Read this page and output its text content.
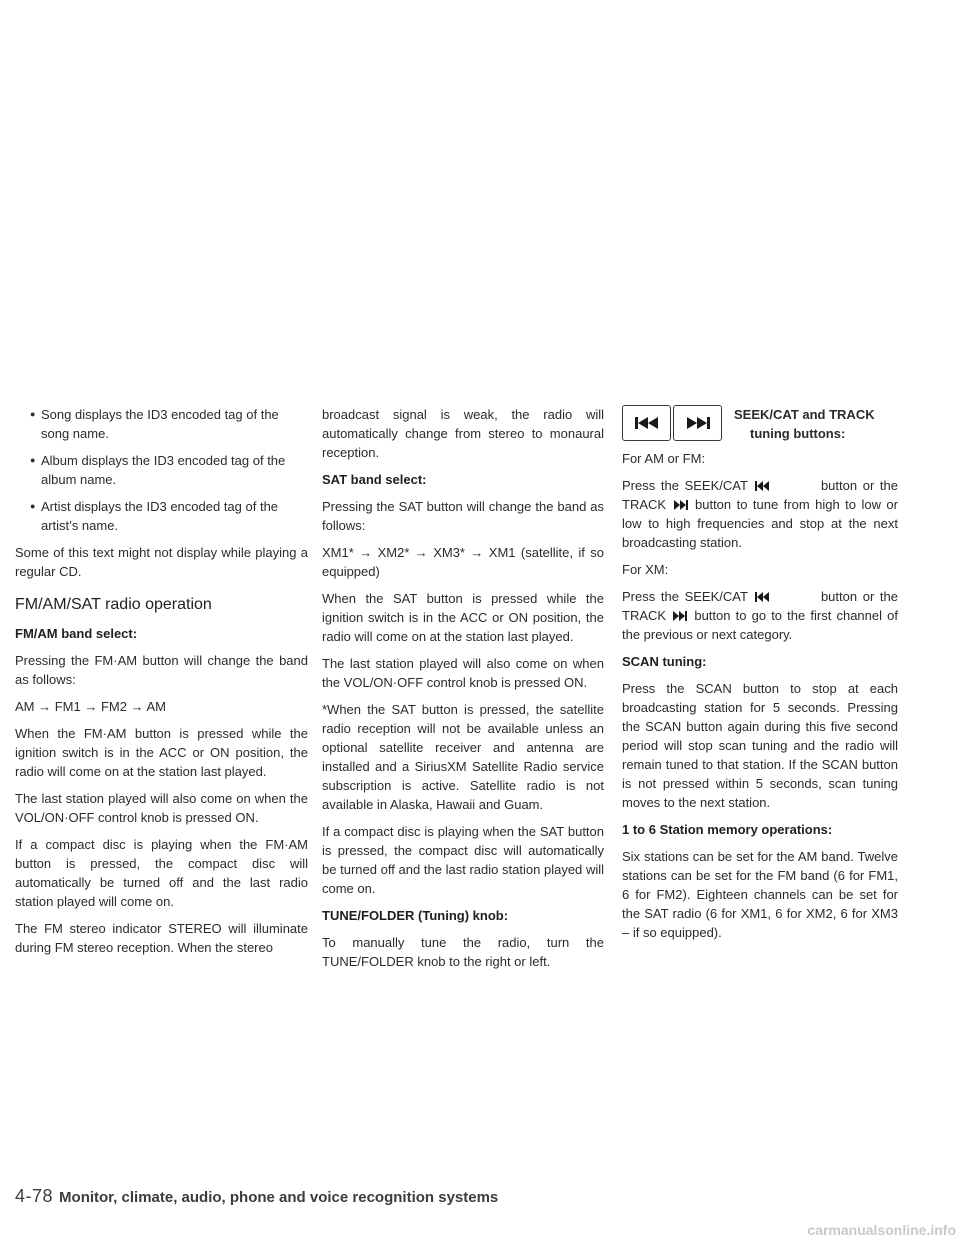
● Song displays the ID3 encoded tag of the song name.
● Album displays the ID3 encoded tag of the album name.
● Artist displays the ID3 encoded tag of the artist’s name.

Some of this text might not display while playing a regular CD.

FM/AM/SAT radio operation
FM/AM band select:

Pressing the FM·AM button will change the band as follows:

AM → FM1 → FM2 → AM

When the FM·AM button is pressed while the ignition switch is in the ACC or ON position, the radio will come on at the station last played.

The last station played will also come on when the VOL/ON·OFF control knob is pressed ON.

If a compact disc is playing when the FM·AM button is pressed, the compact disc will automatically be turned off and the last radio station played will come on.

The FM stereo indicator STEREO will illuminate during FM stereo reception. When the stereo

broadcast signal is weak, the radio will automatically change from stereo to monaural reception.

SAT band select:

Pressing the SAT button will change the band as follows:

XM1* → XM2* → XM3* → XM1 (satellite, if so equipped)

When the SAT button is pressed while the ignition switch is in the ACC or ON position, the radio will come on at the station last played.

The last station played will also come on when the VOL/ON·OFF control knob is pressed ON.

*When the SAT button is pressed, the satellite radio reception will not be available unless an optional satellite receiver and antenna are installed and a SiriusXM Satellite Radio service subscription is active. Satellite radio is not available in Alaska, Hawaii and Guam.

If a compact disc is playing when the SAT button is pressed, the compact disc will automatically be turned off and the last radio station played will come on.

TUNE/FOLDER (Tuning) knob:

To manually tune the radio, turn the TUNE/FOLDER knob to the right or left.

SEEK/CAT and TRACK
tuning buttons:

For AM or FM:

Press the SEEK/CAT	button or the TRACK button to tune from high to low or low to high frequencies and stop at the next broadcasting station.

For XM:

Press the SEEK/CAT	button or the TRACK button to go to the first channel of the previous or next category.

SCAN tuning:

Press the SCAN button to stop at each broadcasting station for 5 seconds. Pressing the SCAN button again during this five second period will stop scan tuning and the radio will remain tuned to that station. If the SCAN button is not pressed within 5 seconds, scan tuning moves to the next station.

1 to 6 Station memory operations:

Six stations can be set for the AM band. Twelve stations can be set for the FM band (6 for FM1, 6 for FM2). Eighteen channels can be set for the SAT radio (6 for XM1, 6 for XM2, 6 for XM3 – if so equipped).

4-78 Monitor, climate, audio, phone and voice recognition systems
carmanualsonline.info
